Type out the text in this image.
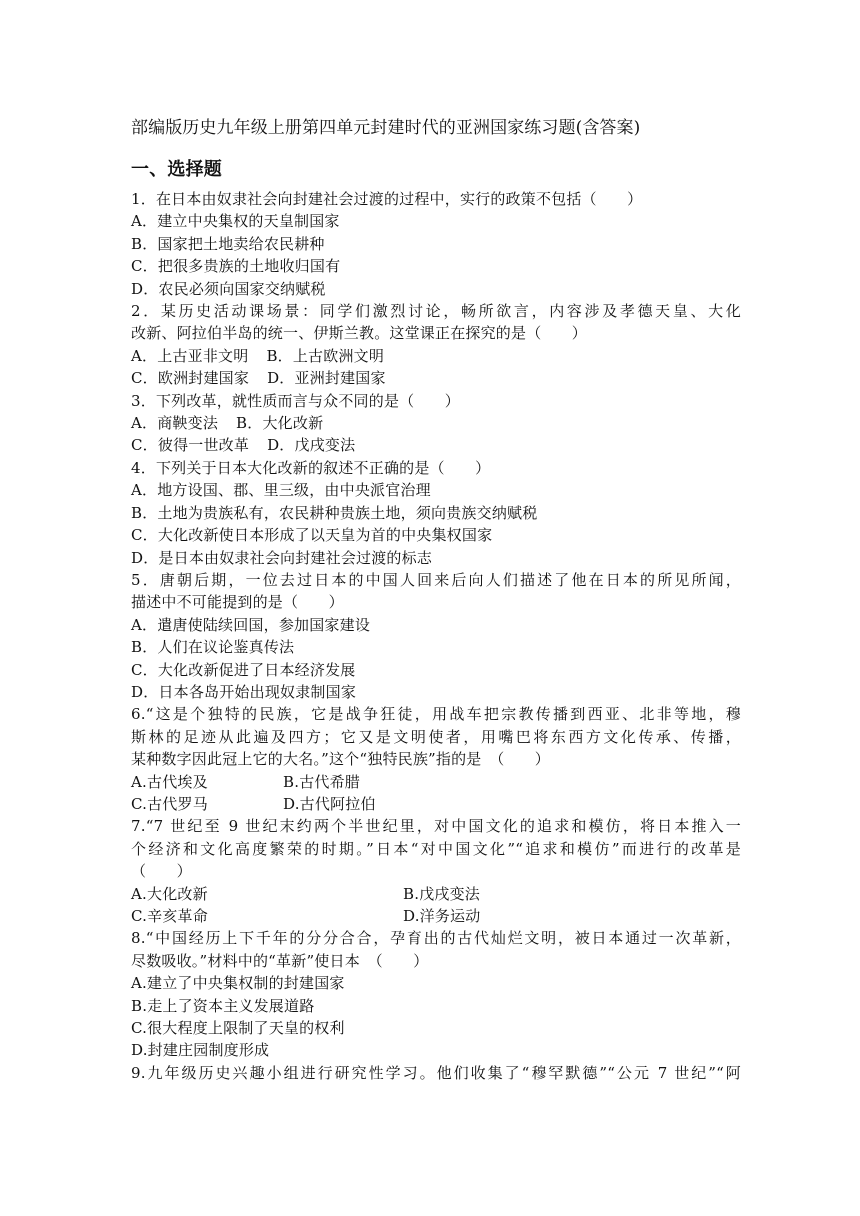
部编版历史九年级上册第四单元封建时代的亚洲国家练习题(含答案)
一、选择题
1．在日本由奴隶社会向封建社会过渡的过程中，实行的政策不包括（　　）
A．建立中央集权的天皇制国家
B．国家把土地卖给农民耕种
C．把很多贵族的土地收归国有
D．农民必须向国家交纳赋税
2．某历史活动课场景：同学们激烈讨论，畅所欲言，内容涉及孝德天皇、大化
改新、阿拉伯半岛的统一、伊斯兰教。这堂课正在探究的是（　　）
A．上古亚非文明 B．上古欧洲文明
C．欧洲封建国家 D．亚洲封建国家
3．下列改革，就性质而言与众不同的是（　　）
A．商鞅变法 B．大化改新
C．彼得一世改革 D．戊戌变法
4．下列关于日本大化改新的叙述不正确的是（　　）
A．地方设国、郡、里三级，由中央派官治理
B．土地为贵族私有，农民耕种贵族土地，须向贵族交纳赋税
C．大化改新使日本形成了以天皇为首的中央集权国家
D．是日本由奴隶社会向封建社会过渡的标志
5．唐朝后期，一位去过日本的中国人回来后向人们描述了他在日本的所见所闻，
描述中不可能提到的是（　　）
A．遣唐使陆续回国，参加国家建设
B．人们在议论鉴真传法
C．大化改新促进了日本经济发展
D．日本各岛开始出现奴隶制国家
6.“这是个独特的民族，它是战争狂徒，用战车把宗教传播到西亚、北非等地，穆
斯林的足迹从此遍及四方；它又是文明使者，用嘴巴将东西方文化传承、传播，
某种数字因此冠上它的大名。”这个“独特民族”指的是　（　　）
A.古代埃及	B.古代希腊
C.古代罗马	D.古代阿拉伯
7.“7 世纪至 9 世纪末约两个半世纪里，对中国文化的追求和模仿，将日本推入一
个经济和文化高度繁荣的时期。”日本“对中国文化”“追求和模仿”而进行的改革是
（　　）
A.大化改新	B.戊戌变法
C.辛亥革命	D.洋务运动
8.“中国经历上下千年的分分合合，孕育出的古代灿烂文明，被日本通过一次革新，
尽数吸收。”材料中的“革新”使日本　（　　）
A.建立了中央集权制的封建国家
B.走上了资本主义发展道路
C.很大程度上限制了天皇的权利
D.封建庄园制度形成
9.九年级历史兴趣小组进行研究性学习。他们收集了“穆罕默德”“公元 7 世纪”“阿
